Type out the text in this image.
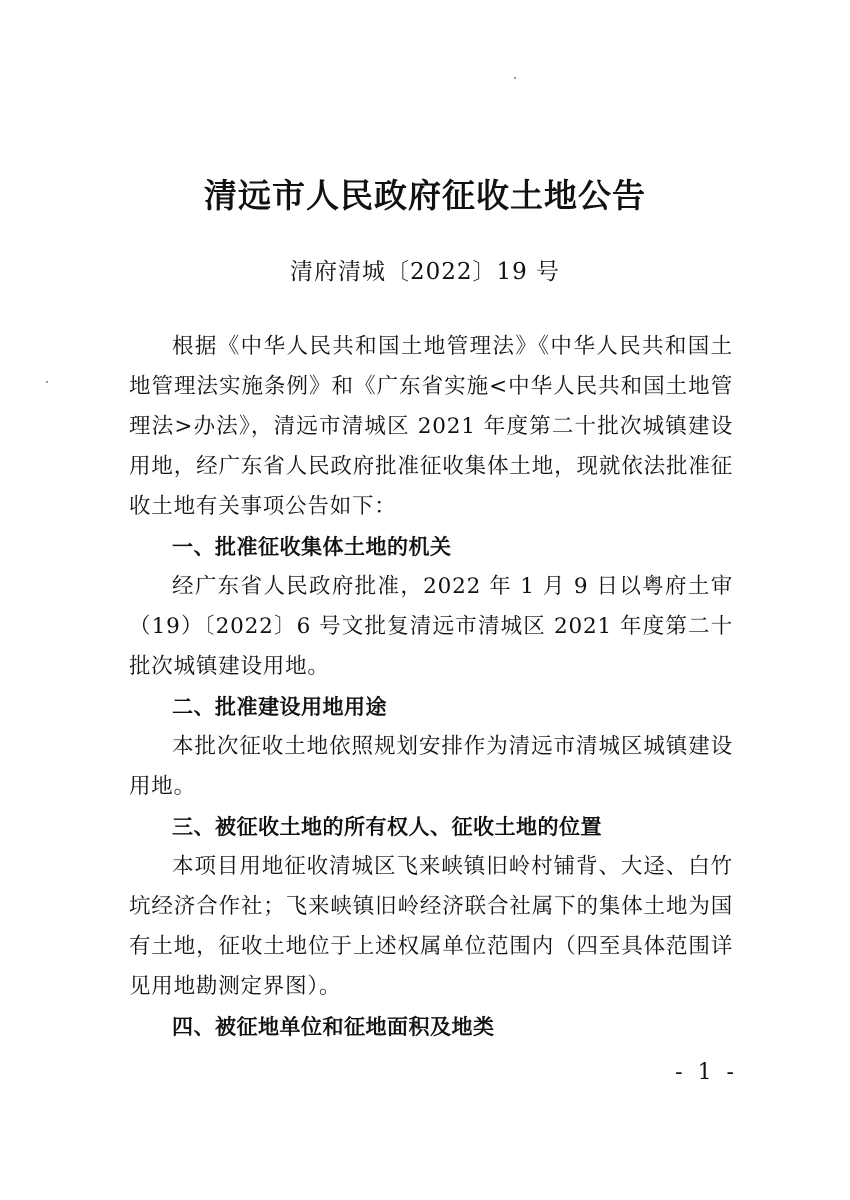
清远市人民政府征收土地公告
清府清城〔2022〕19 号

根据《中华人民共和国土地管理法》《中华人民共和国土地管理法实施条例》和《广东省实施<中华人民共和国土地管理法>办法》，清远市清城区 2021 年度第二十批次城镇建设用地，经广东省人民政府批准征收集体土地，现就依法批准征收土地有关事项公告如下：

一、批准征收集体土地的机关

经广东省人民政府批准，2022 年 1 月 9 日以粤府土审（19）〔2022〕6 号文批复清远市清城区 2021 年度第二十批次城镇建设用地。

二、批准建设用地用途

本批次征收土地依照规划安排作为清远市清城区城镇建设用地。

三、被征收土地的所有权人、征收土地的位置

本项目用地征收清城区飞来峡镇旧岭村铺背、大迳、白竹坑经济合作社；飞来峡镇旧岭经济联合社属下的集体土地为国有土地，征收土地位于上述权属单位范围内（四至具体范围详见用地勘测定界图）。

四、被征地单位和征地面积及地类

- 1 -
